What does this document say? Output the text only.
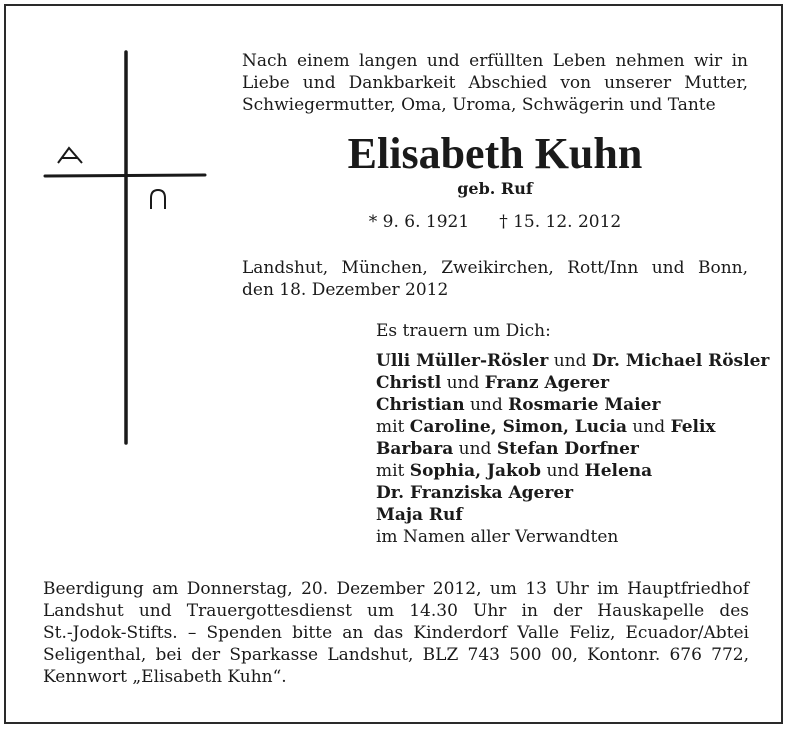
Nach einem langen und erfüllten Leben nehmen wir in
Liebe und Dankbarkeit Abschied von unserer Mutter,
Schwiegermutter, Oma, Uroma, Schwägerin und Tante
Elisabeth Kuhn
geb. Ruf
* 9. 6. 1921 † 15. 12. 2012
Landshut, München, Zweikirchen, Rott/Inn und Bonn,
den 18. Dezember 2012
Es trauern um Dich:
Ulli Müller-Rösler und Dr. Michael Rösler
Christl und Franz Agerer
Christian und Rosmarie Maier
mit Caroline, Simon, Lucia und Felix
Barbara und Stefan Dorfner
mit Sophia, Jakob und Helena
Dr. Franziska Agerer
Maja Ruf
im Namen aller Verwandten
Beerdigung am Donnerstag, 20. Dezember 2012, um 13 Uhr im Hauptfriedhof
Landshut und Trauergottesdienst um 14.30 Uhr in der Hauskapelle des
St.-Jodok-Stifts. – Spenden bitte an das Kinderdorf Valle Feliz, Ecuador/Abtei
Seligenthal, bei der Sparkasse Landshut, BLZ 743 500 00, Kontonr. 676 772,
Kennwort „Elisabeth Kuhn“.
